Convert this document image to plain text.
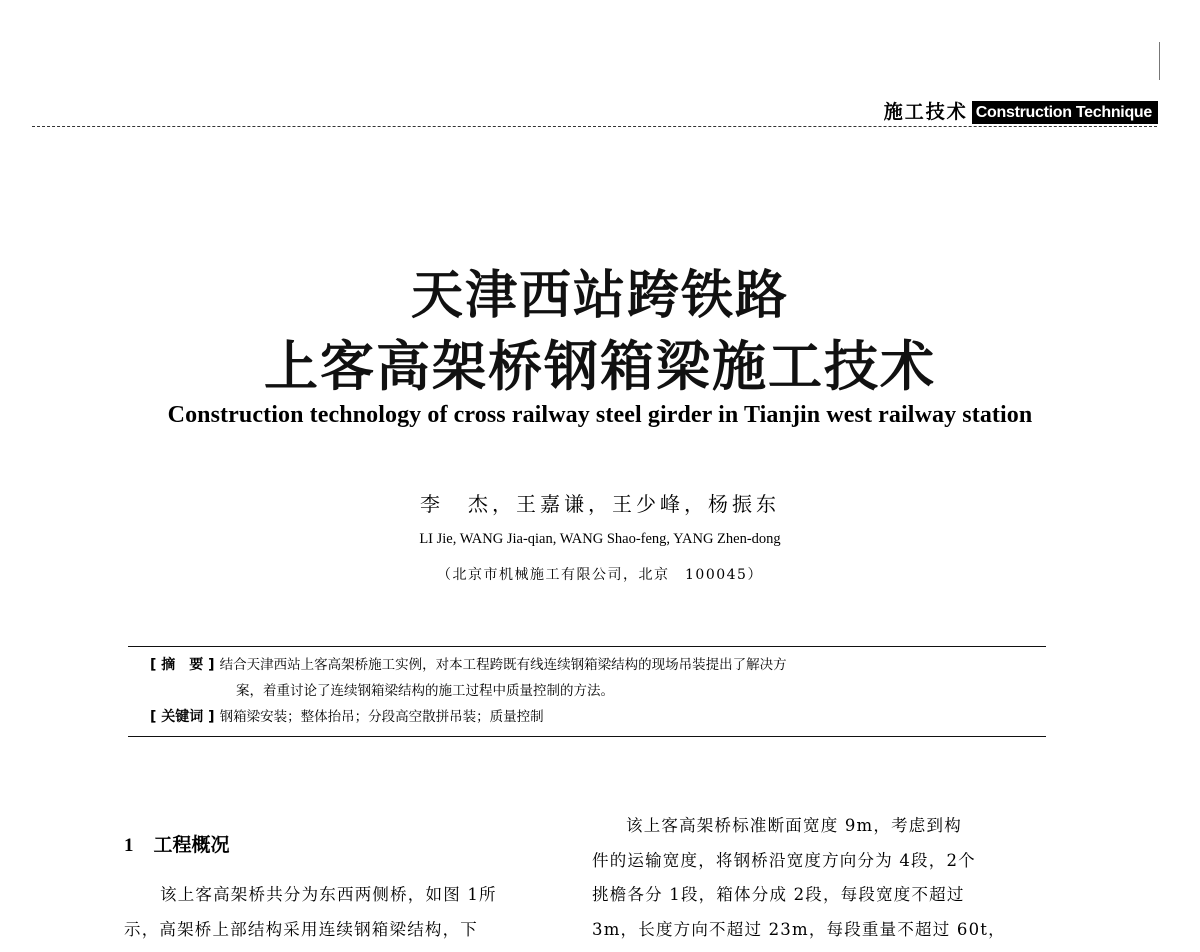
施工技术 Construction Technique
天津西站跨铁路
上客高架桥钢箱梁施工技术
Construction technology of cross railway steel girder in Tianjin west railway station
李　杰，王嘉谦，王少峰，杨振东
LI Jie, WANG Jia-qian, WANG Shao-feng, YANG Zhen-dong
（北京市机械施工有限公司，北京　100045）
[ 摘　要 ] 结合天津西站上客高架桥施工实例，对本工程跨既有线连续钢箱梁结构的现场吊装提出了解决方
案，着重讨论了连续钢箱梁结构的施工过程中质量控制的方法。
[ 关键词 ] 钢箱梁安装；整体抬吊；分段高空散拼吊装；质量控制
1 工程概况
该上客高架桥共分为东西两侧桥，如图 1所
示，高架桥上部结构采用连续钢箱梁结构，下
该上客高架桥标准断面宽度 9m，考虑到构
件的运输宽度，将钢桥沿宽度方向分为 4段，2个
挑檐各分 1段，箱体分成 2段，每段宽度不超过
3m，长度方向不超过 23m，每段重量不超过 60t，
